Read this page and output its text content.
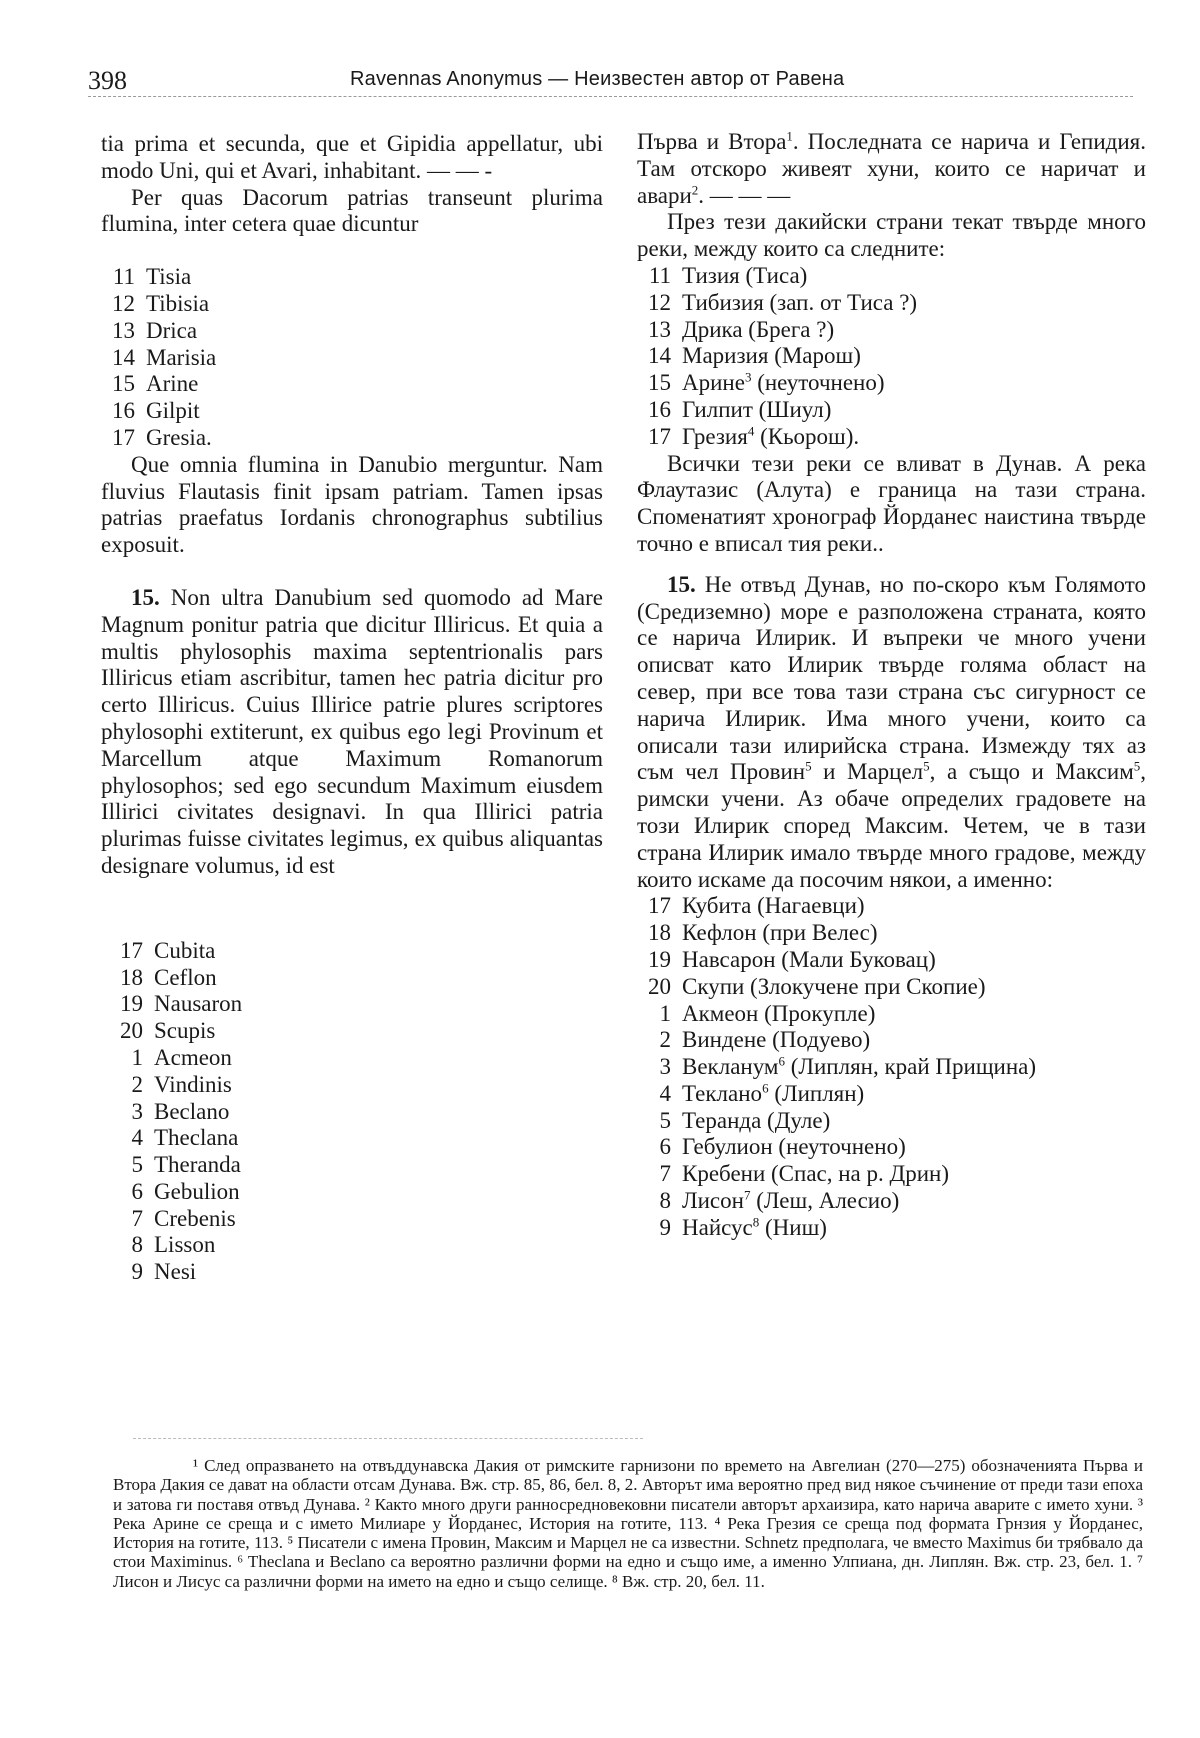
398	Ravennas Anonymus — Неизвестен автор от Равена

tia prima et secunda, que et Gipidia appellatur, ubi modo Uni, qui et Avari, inhabitant. — — -

Per quas Dacorum patrias transeunt plurima flumina, inter cetera quae dicuntur

11 Tisia
12 Tibisia
13 Drica
14 Marisia
15 Arine
16 Gilpit
17 Gresia.

Que omnia flumina in Danubio merguntur. Nam fluvius Flautasis finit ipsam patriam. Tamen ipsas patrias praefatus Iordanis chronographus subtilius exposuit.

15. Non ultra Danubium sed quomodo ad Mare Magnum ponitur patria que dicitur Illiricus. Et quia a multis phylosophis maxima septentrionalis pars Illiricus etiam ascribitur, tamen hec patria dicitur pro certo Illiricus. Cuius Illirice patrie plures scriptores phylosophi extiterunt, ex quibus ego legi Provinum et Marcellum atque Maximum Romanorum phylosophos; sed ego secundum Maximum eiusdem Illirici civitates designavi. In qua Illirici patria plurimas fuisse civitates legimus, ex quibus aliquantas designare volumus, id est

17 Cubita
18 Ceflon
19 Nausaron
20 Scupis
1 Acmeon
2 Vindinis
3 Beclano
4 Theclana
5 Theranda
6 Gebulion
7 Crebenis
8 Lisson
9 Nesi

Първа и Втора$^1$. Последната се нарича и Гепидия. Там отскоро живеят хуни, които се наричат и авари$^2$. — — —

През тези дакийски страни текат твърде много реки, между които са следните:

11 Тизия (Тиса)
12 Тибизия (зап. от Тиса ?)
13 Дрика (Брега ?)
14 Маризия (Марош)
15 Арине$^3$ (неуточнено)
16 Гилпит (Шиул)
17 Грезия$^4$ (Кьорош).

Всички тези реки се вливат в Дунав. А река Флаутазис (Алута) е граница на тази страна. Споменатият хронограф Йорданес наистина твърде точно е вписал тия реки..

15. Не отвъд Дунав, но по-скоро към Голямото (Средиземно) море е разположена страната, която се нарича Илирик. И въпреки че много учени описват като Илирик твърде голяма област на север, при все това тази страна със сигурност се нарича Илирик. Има много учени, които са описали тази илирийска страна. Измежду тях аз съм чел Провин$^5$ и Марцел$^5$, а също и Максим$^5$, римски учени. Аз обаче определих градовете на този Илирик според Максим. Четем, че в тази страна Илирик имало твърде много градове, между които искаме да посочим някои, а именно:

17 Кубита (Нагаевци)
18 Кефлон (при Велес)
19 Навсарон (Мали Буковац)
20 Скупи (Злокучене при Скопие)
1 Акмеон (Прокупле)
2 Виндене (Подуево)
3 Векланум$^6$ (Липлян, край Прищина)
4 Теклано$^6$ (Липлян)
5 Теранда (Дуле)
6 Гебулион (неуточнено)
7 Кребени (Спас, на р. Дрин)
8 Лисон$^7$ (Леш, Алесио)
9 Найсус$^8$ (Ниш)

¹ След опразването на отвъддунавска Дакия от римските гарнизони по времето на Авгелиан (270—275) обозначенията Първа и Втора Дакия се дават на области отсам Дунава. Вж. стр. 85, 86, бел. 8, 2. Авторът има вероятно пред вид някое съчинение от преди тази епоха и затова ги поставя отвъд Дунава. ² Както много други ранносредновековни писатели авторът архаизира, като нарича аварите с името хуни. ³ Река Арине се среща и с името Милиаре у Йорданес, История на готите, 113. ⁴ Река Грезия се среща под формата Грнзия у Йорданес, История на готите, 113. ⁵ Писатели с имена Провин, Максим и Марцел не са известни. Schnetz предполага, че вместо Maximus би трябвало да стои Maximinus. ⁶ Theclana и Beclano са вероятно различни форми на едно и също име, а именно Улпиана, дн. Липлян. Вж. стр. 23, бел. 1. ⁷ Лисон и Лисус са различни форми на името на едно и също селище. ⁸ Вж. стр. 20, бел. 11.
